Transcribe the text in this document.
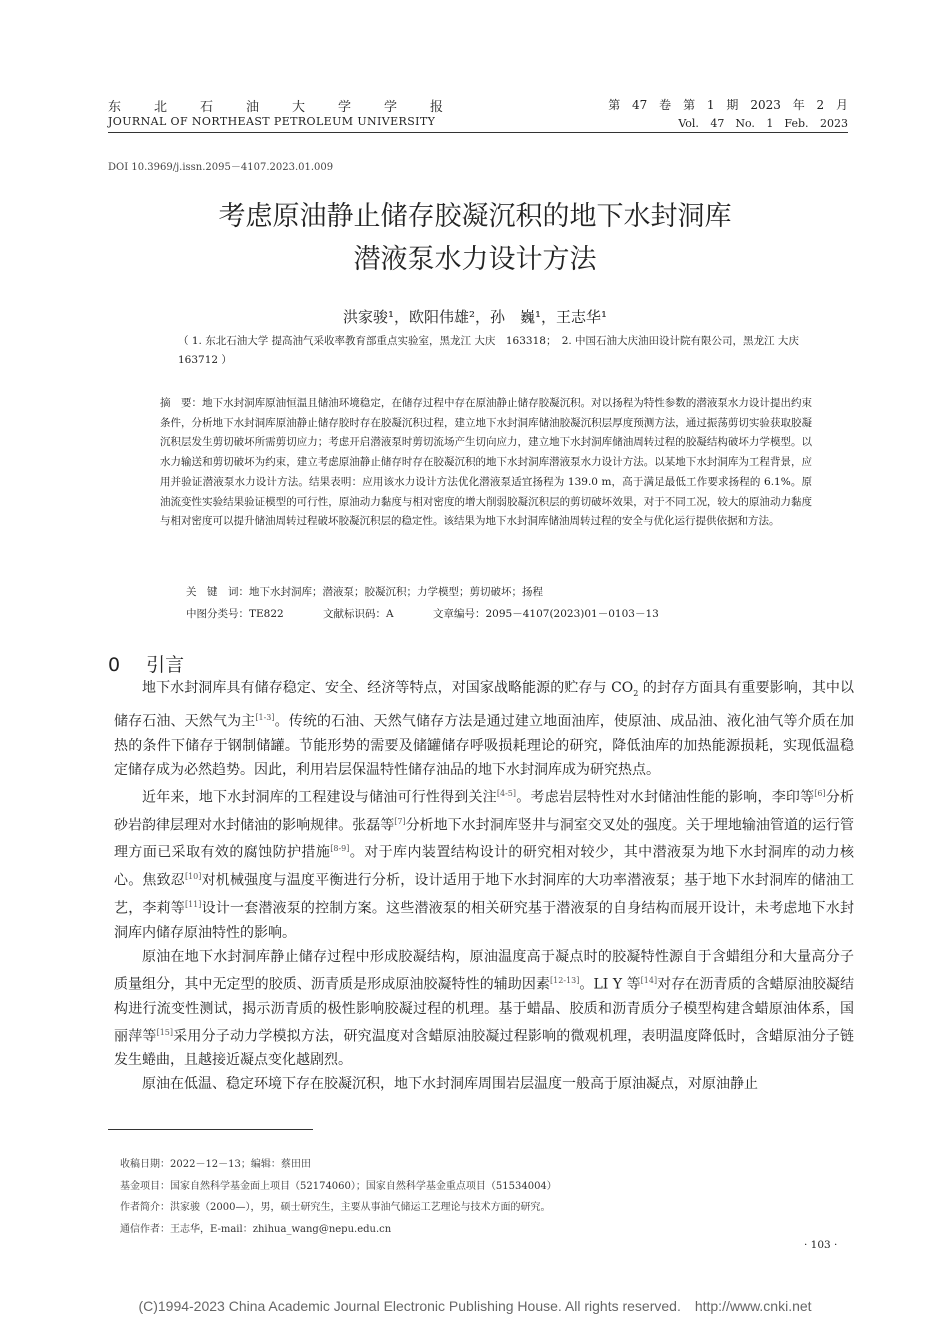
东北石油大学学报
JOURNAL OF NORTHEAST PETROLEUM UNIVERSITY
第 47 卷　第 1 期　2023 年 2 月
Vol. 47　No. 1　Feb. 2023
DOI 10.3969/j.issn.2095－4107.2023.01.009
考虑原油静止储存胶凝沉积的地下水封洞库
潜液泵水力设计方法
洪家骏¹，欧阳伟雄²，孙　巍¹，王志华¹
（ 1. 东北石油大学 提高油气采收率教育部重点实验室，黑龙江 大庆　163318；　2. 中国石油大庆油田设计院有限公司，黑龙江 大庆　163712 ）

摘　要：地下水封洞库原油恒温且储油环境稳定，在储存过程中存在原油静止储存胶凝沉积。对以扬程为特性参数的潜液泵水力设计提出约束条件，分析地下水封洞库原油静止储存胶时存在胶凝沉积过程，建立地下水封洞库储油胶凝沉积层厚度预测方法，通过振荡剪切实验获取胶凝沉积层发生剪切破坏所需剪切应力；考虑开启潜液泵时剪切流场产生切向应力，建立地下水封洞库储油周转过程的胶凝结构破坏力学模型。以水力输送和剪切破坏为约束，建立考虑原油静止储存时存在胶凝沉积的地下水封洞库潜液泵水力设计方法。以某地下水封洞库为工程背景，应用并验证潜液泵水力设计方法。结果表明：应用该水力设计方法优化潜液泵适宜扬程为 139.0 m，高于满足最低工作要求扬程的 6.1%。原油流变性实验结果验证模型的可行性，原油动力黏度与相对密度的增大削弱胶凝沉积层的剪切破坏效果，对于不同工况，较大的原油动力黏度与相对密度可以提升储油周转过程破坏胶凝沉积层的稳定性。该结果为地下水封洞库储油周转过程的安全与优化运行提供依据和方法。

关　键　词：地下水封洞库；潜液泵；胶凝沉积；力学模型；剪切破坏；扬程
中图分类号：TE822	文献标识码：A	文章编号：2095－4107(2023)01－0103－13
0 引言

地下水封洞库具有储存稳定、安全、经济等特点，对国家战略能源的贮存与 $CO_2$ 的封存方面具有重要影响，其中以储存石油、天然气为主[1-3]。传统的石油、天然气储存方法是通过建立地面油库，使原油、成品油、液化油气等介质在加热的条件下储存于钢制储罐。节能形势的需要及储罐储存呼吸损耗理论的研究，降低油库的加热能源损耗，实现低温稳定储存成为必然趋势。因此，利用岩层保温特性储存油品的地下水封洞库成为研究热点。

近年来，地下水封洞库的工程建设与储油可行性得到关注[4-5]。考虑岩层特性对水封储油性能的影响，李印等[6]分析砂岩韵律层理对水封储油的影响规律。张磊等[7]分析地下水封洞库竖井与洞室交叉处的强度。关于埋地输油管道的运行管理方面已采取有效的腐蚀防护措施[8-9]。对于库内装置结构设计的研究相对较少，其中潜液泵为地下水封洞库的动力核心。焦致忍[10]对机械强度与温度平衡进行分析，设计适用于地下水封洞库的大功率潜液泵；基于地下水封洞库的储油工艺，李莉等[11]设计一套潜液泵的控制方案。这些潜液泵的相关研究基于潜液泵的自身结构而展开设计，未考虑地下水封洞库内储存原油特性的影响。

原油在地下水封洞库静止储存过程中形成胶凝结构，原油温度高于凝点时的胶凝特性源自于含蜡组分和大量高分子质量组分，其中无定型的胶质、沥青质是形成原油胶凝特性的辅助因素[12-13]。LI Y 等[14]对存在沥青质的含蜡原油胶凝结构进行流变性测试，揭示沥青质的极性影响胶凝过程的机理。基于蜡晶、胶质和沥青质分子模型构建含蜡原油体系，国丽萍等[15]采用分子动力学模拟方法，研究温度对含蜡原油胶凝过程影响的微观机理，表明温度降低时，含蜡原油分子链发生蜷曲，且越接近凝点变化越剧烈。

原油在低温、稳定环境下存在胶凝沉积，地下水封洞库周围岩层温度一般高于原油凝点，对原油静止

收稿日期：2022－12－13；编辑：蔡田田
基金项目：国家自然科学基金面上项目（52174060）；国家自然科学基金重点项目（51534004）
作者简介：洪家骏（2000—），男，硕士研究生，主要从事油气储运工艺理论与技术方面的研究。
通信作者：王志华，E-mail：zhihua_wang@nepu.edu.cn
· 103 ·
(C)1994-2023 China Academic Journal Electronic Publishing House. All rights reserved.　http://www.cnki.net
